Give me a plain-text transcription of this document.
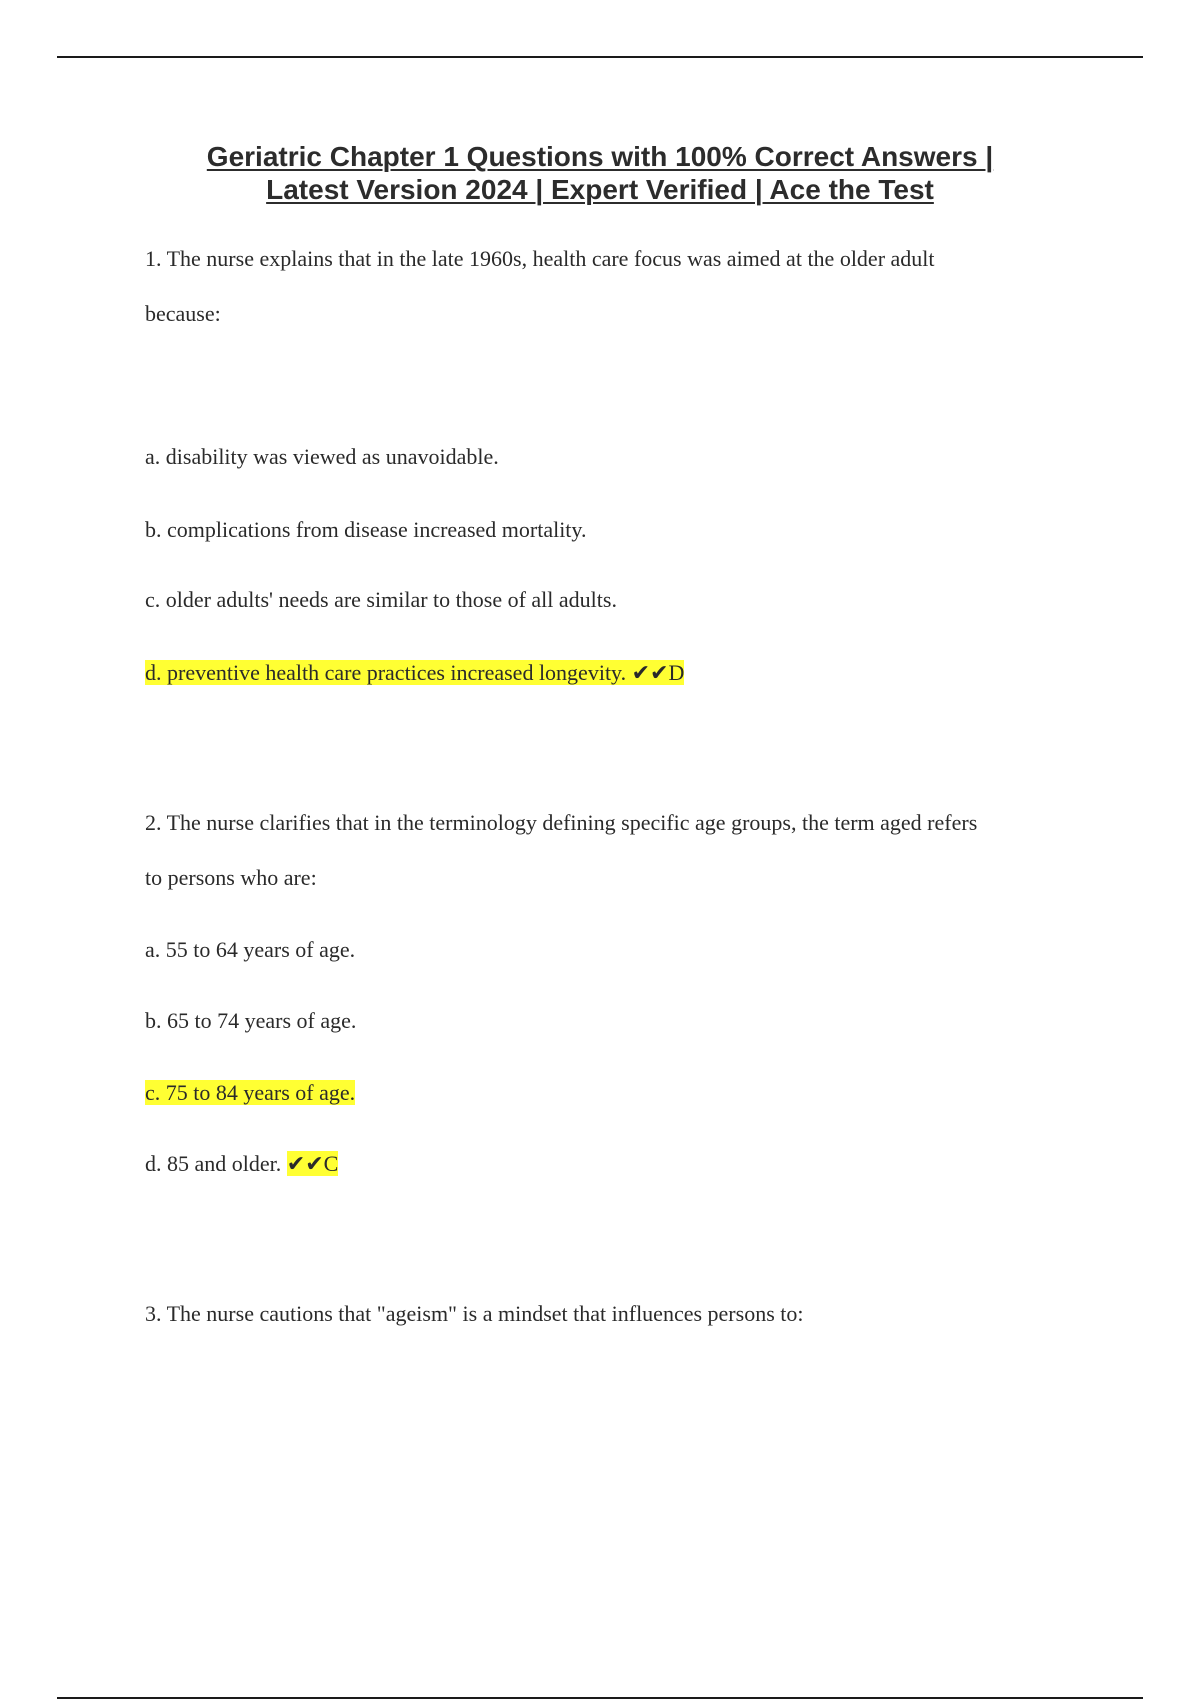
Geriatric Chapter 1 Questions with 100% Correct Answers |
Latest Version 2024 | Expert Verified | Ace the Test
1. The nurse explains that in the late 1960s, health care focus was aimed at the older adult
because:
a. disability was viewed as unavoidable.
b. complications from disease increased mortality.
c. older adults' needs are similar to those of all adults.
d. preventive health care practices increased longevity. ✔✔D
2. The nurse clarifies that in the terminology defining specific age groups, the term aged refers
to persons who are:
a. 55 to 64 years of age.
b. 65 to 74 years of age.
c. 75 to 84 years of age.
d. 85 and older. ✔✔C
3. The nurse cautions that "ageism" is a mindset that influences persons to:
